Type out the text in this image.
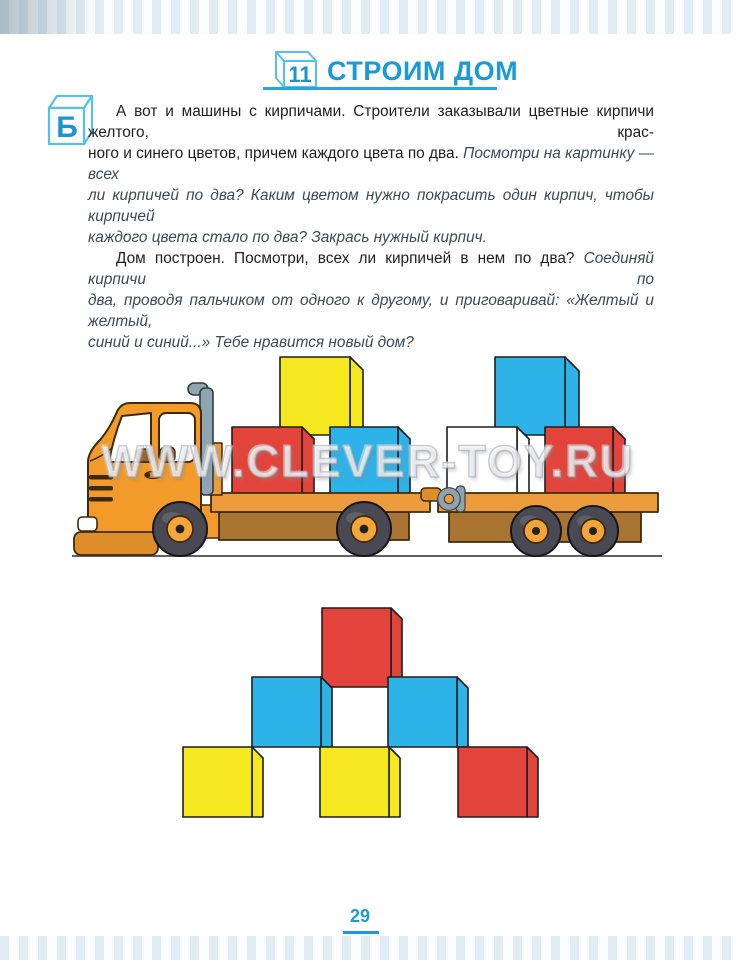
11 СТРОИМ ДОМ
Б	А вот и машины с кирпичами. Строители заказывали цветные кирпичи желтого, крас-
ного и синего цветов, причем каждого цвета по два. Посмотри на картинку — всех
ли кирпичей по два? Каким цветом нужно покрасить один кирпич, чтобы кирпичей
каждого цвета стало по два? Закрась нужный кирпич.
Дом построен. Посмотри, всех ли кирпичей в нем по два? Соединяй кирпичи по
два, проводя пальчиком от одного к другому, и приговаривай: «Желтый и желтый,
синий и синий...» Тебе нравится новый дом?
WWW.CLEVER-TOY.RU
29
